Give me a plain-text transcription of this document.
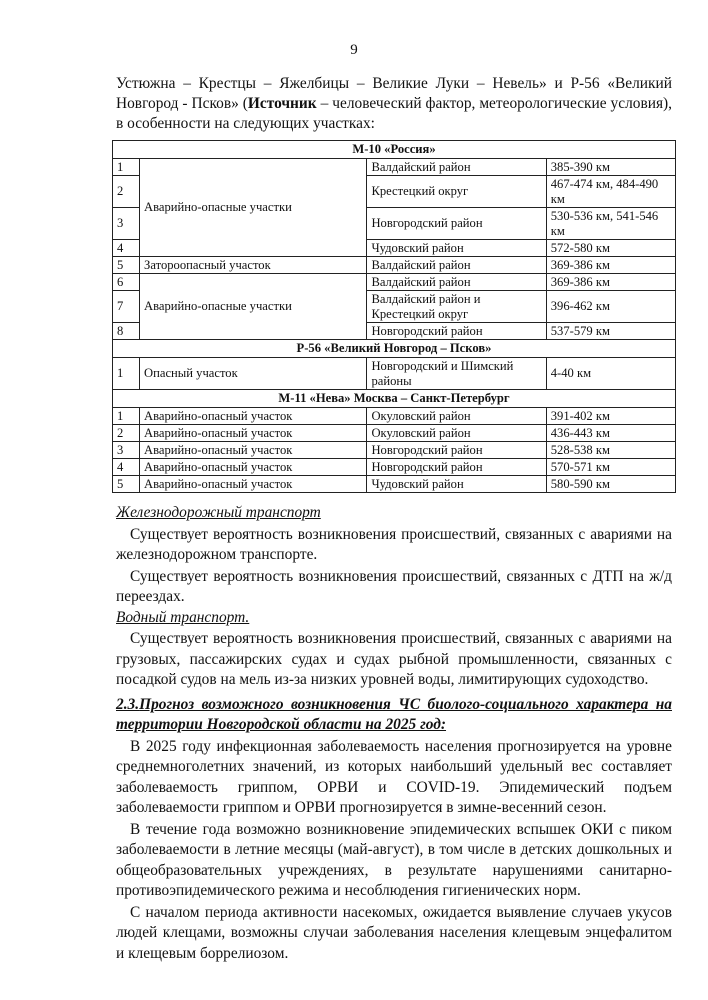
9
Устюжна – Крестцы – Яжелбицы – Великие Луки – Невель» и Р-56 «Великий Новгород - Псков» (Источник – человеческий фактор, метеорологические условия), в особенности на следующих участках:
М-10 «Россия»			
1	Аварийно-опасные участки	Валдайский район	385-390 км
2		Крестецкий округ	467-474 км, 484-490 км
3		Новгородский район	530-536 км, 541-546 км
4		Чудовский район	572-580 км
5	Заторoопасный участок	Валдайский район	369-386 км
6	Аварийно-опасные участки	Валдайский район	369-386 км
7		Валдайский район и Крестецкий округ	396-462 км
8		Новгородский район	537-579 км
Р-56 «Великий Новгород – Псков»			
1	Опасный участок	Новгородский и Шимский районы	4-40 км
М-11 «Нева» Москва – Санкт-Петербург			
1	Аварийно-опасный участок	Окуловский район	391-402 км
2	Аварийно-опасный участок	Окуловский район	436-443 км
3	Аварийно-опасный участок	Новгородский район	528-538 км
4	Аварийно-опасный участок	Новгородский район	570-571 км
5	Аварийно-опасный участок	Чудовский район	580-590 км

Железнодорожный транспорт

Существует вероятность возникновения происшествий, связанных с авариями на железнодорожном транспорте.

Существует вероятность возникновения происшествий, связанных с ДТП на ж/д переездах.

Водный транспорт.

Существует вероятность возникновения происшествий, связанных с авариями на грузовых, пассажирских судах и судах рыбной промышленности, связанных с посадкой судов на мель из-за низких уровней воды, лимитирующих судоходство.

2.3.Прогноз возможного возникновения ЧС биолого-социального характера на территории Новгородской области на 2025 год:

В 2025 году инфекционная заболеваемость населения прогнозируется на уровне среднемноголетних значений, из которых наибольший удельный вес составляет заболеваемость гриппом, ОРВИ и COVID-19. Эпидемический подъем заболеваемости гриппом и ОРВИ прогнозируется в зимне-весенний сезон.

В течение года возможно возникновение эпидемических вспышек ОКИ с пиком заболеваемости в летние месяцы (май-август), в том числе в детских дошкольных и общеобразовательных учреждениях, в результате нарушениями санитарно-противоэпидемического режима и несоблюдения гигиенических норм.

С началом периода активности насекомых, ожидается выявление случаев укусов людей клещами, возможны случаи заболевания населения клещевым энцефалитом и клещевым боррелиозом.
